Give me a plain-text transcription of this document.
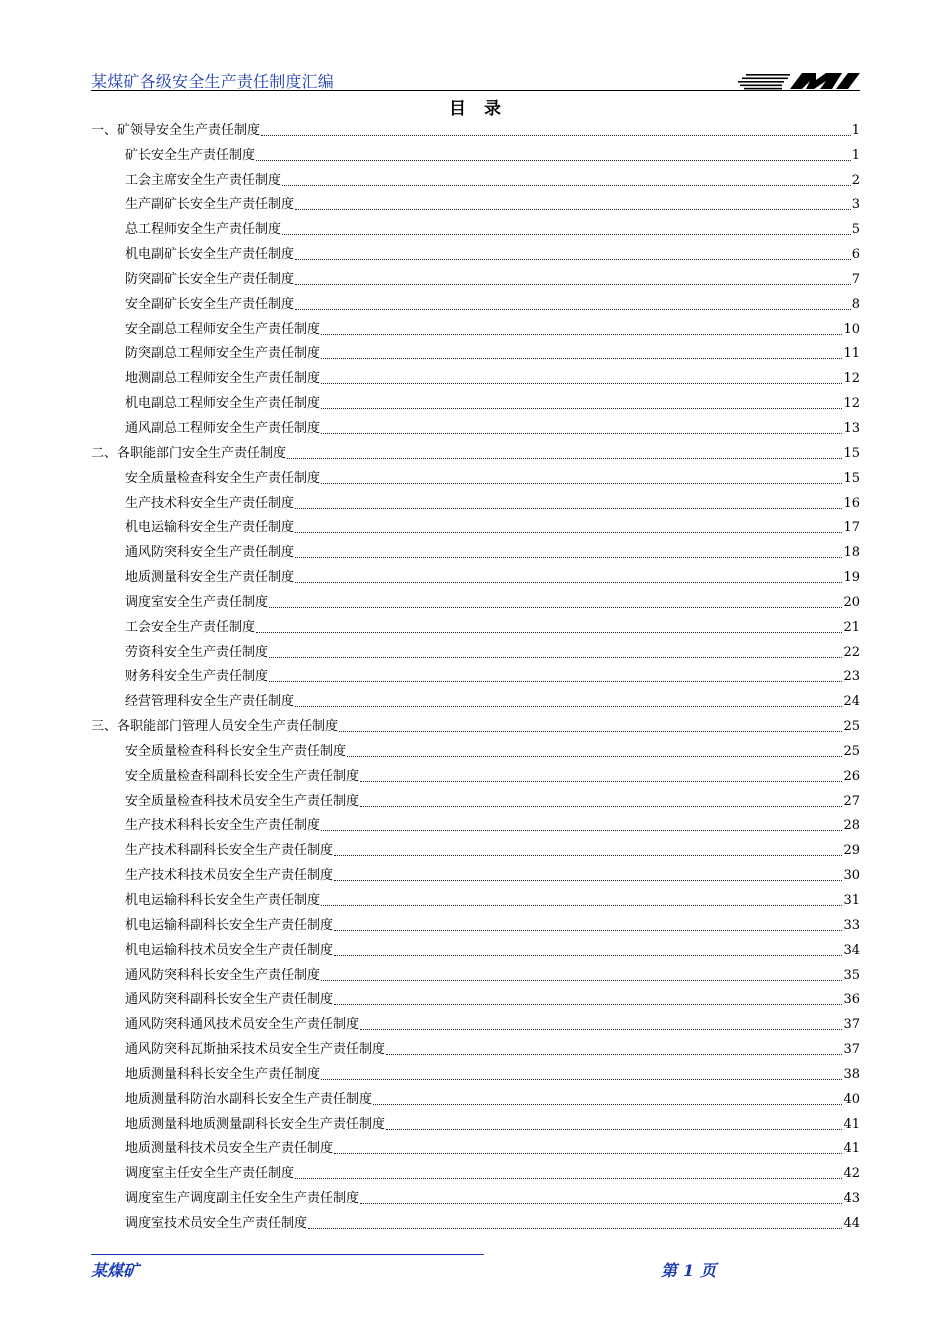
某煤矿各级安全生产责任制度汇编
目录
一、矿领导安全生产责任制度	1
矿长安全生产责任制度	1
工会主席安全生产责任制度	2
生产副矿长安全生产责任制度	3
总工程师安全生产责任制度	5
机电副矿长安全生产责任制度	6
防突副矿长安全生产责任制度	7
安全副矿长安全生产责任制度	8
安全副总工程师安全生产责任制度	10
防突副总工程师安全生产责任制度	11
地测副总工程师安全生产责任制度	12
机电副总工程师安全生产责任制度	12
通风副总工程师安全生产责任制度	13
二、各职能部门安全生产责任制度	15
安全质量检查科安全生产责任制度	15
生产技术科安全生产责任制度	16
机电运输科安全生产责任制度	17
通风防突科安全生产责任制度	18
地质测量科安全生产责任制度	19
调度室安全生产责任制度	20
工会安全生产责任制度	21
劳资科安全生产责任制度	22
财务科安全生产责任制度	23
经营管理科安全生产责任制度	24
三、各职能部门管理人员安全生产责任制度	25
安全质量检查科科长安全生产责任制度	25
安全质量检查科副科长安全生产责任制度	26
安全质量检查科技术员安全生产责任制度	27
生产技术科科长安全生产责任制度	28
生产技术科副科长安全生产责任制度	29
生产技术科技术员安全生产责任制度	30
机电运输科科长安全生产责任制度	31
机电运输科副科长安全生产责任制度	33
机电运输科技术员安全生产责任制度	34
通风防突科科长安全生产责任制度	35
通风防突科副科长安全生产责任制度	36
通风防突科通风技术员安全生产责任制度	37
通风防突科瓦斯抽采技术员安全生产责任制度	37
地质测量科科长安全生产责任制度	38
地质测量科防治水副科长安全生产责任制度	40
地质测量科地质测量副科长安全生产责任制度	41
地质测量科技术员安全生产责任制度	41
调度室主任安全生产责任制度	42
调度室生产调度副主任安全生产责任制度	43
调度室技术员安全生产责任制度	44
某煤矿	第 1 页
